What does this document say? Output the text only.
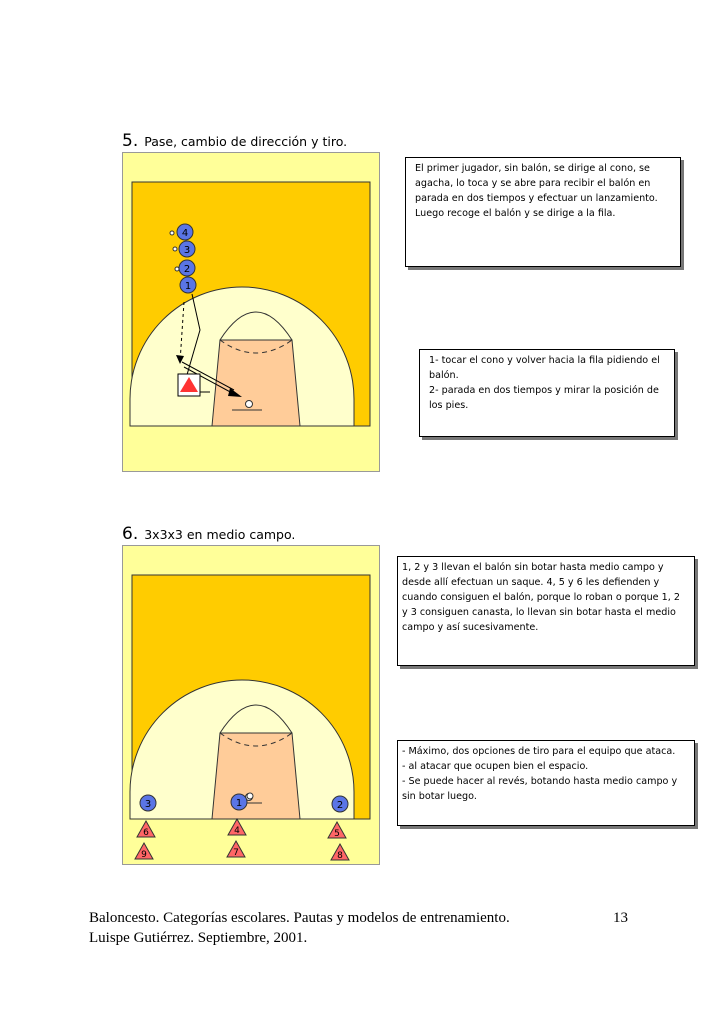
5. Pase, cambio de dirección y tiro.
4
3
2
1

El primer jugador, sin balón, se dirige al cono, se agacha, lo toca y se abre para recibir el balón en parada en dos tiempos y efectuar un lanzamiento. Luego recoge el balón y se dirige a la fila.

1- tocar el cono y volver hacia la fila pidiendo el balón.

2- parada en dos tiempos y mirar la posición de los pies.

6. 3x3x3 en medio campo.
3	1	2
6	4	5
9	7	8

1, 2 y 3 llevan el balón sin botar hasta medio campo y desde allí efectuan un saque. 4, 5 y 6 les defienden y cuando consiguen el balón, porque lo roban o porque 1, 2 y 3 consiguen canasta, lo llevan sin botar hasta el medio campo y así sucesivamente.

- Máximo, dos opciones de tiro para el equipo que ataca.

- al atacar que ocupen bien el espacio.

- Se puede hacer al revés, botando hasta medio campo y sin botar luego.

Baloncesto. Categorías escolares. Pautas y modelos de entrenamiento.
Luispe Gutiérrez. Septiembre, 2001.
13
